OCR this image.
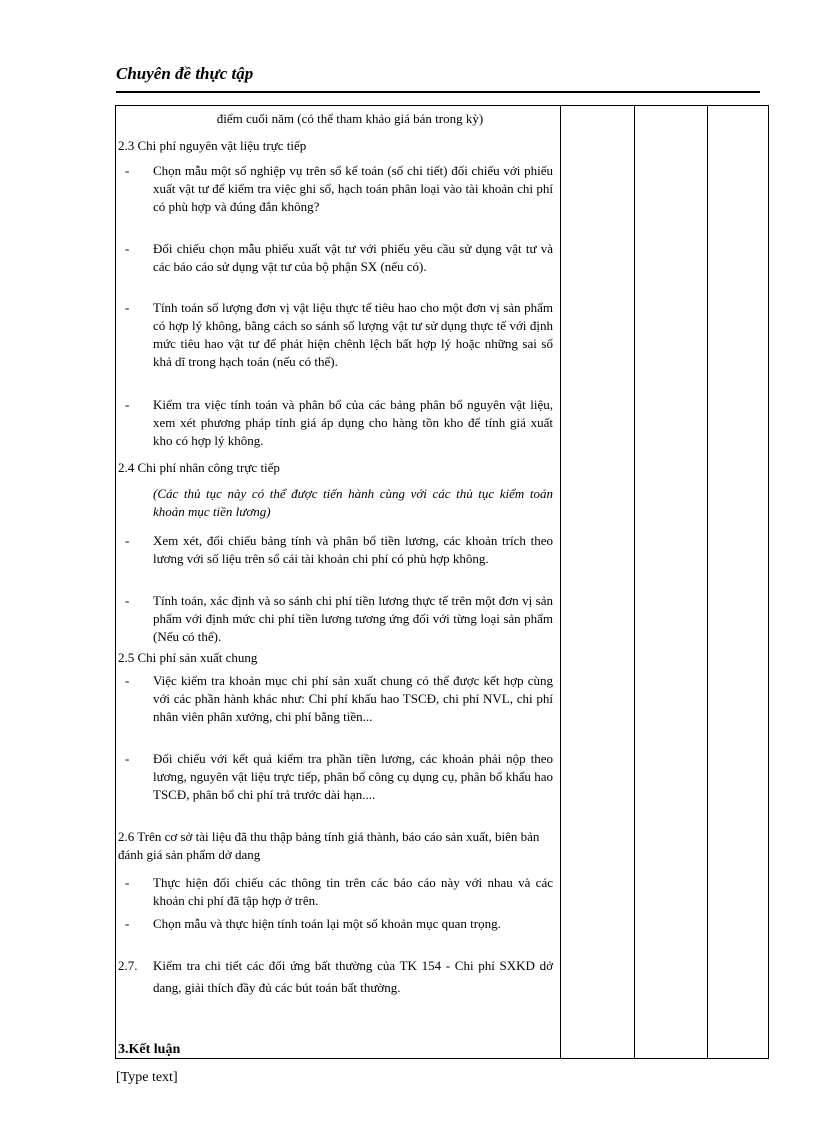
Chuyên đề thực tập
điểm cuối năm (có thể tham khảo giá bán trong kỳ)
2.3 Chi phí nguyên vật liệu trực tiếp
-	Chọn mẫu một số nghiệp vụ trên sổ kế toán (sổ chi tiết) đối chiếu với phiếu xuất vật tư để kiểm tra việc ghi sổ, hạch toán phân loại vào tài khoản chi phí có phù hợp và đúng đắn không?
-	Đối chiếu chọn mẫu phiếu xuất vật tư với phiếu yêu cầu sử dụng vật tư và các báo cáo sử dụng vật tư của bộ phận SX (nếu có).
-	Tính toán số lượng đơn vị vật liệu thực tế tiêu hao cho một đơn vị sản phẩm có hợp lý không, bằng cách so sánh số lượng vật tư sử dụng thực tế với định mức tiêu hao vật tư để phát hiện chênh lệch bất hợp lý hoặc những sai số khả dĩ trong hạch toán (nếu có thể).
-	Kiểm tra việc tính toán và phân bổ của các bảng phân bổ nguyên vật liệu, xem xét phương pháp tính giá áp dụng cho hàng tồn kho để tính giá xuất kho có hợp lý không.
2.4 Chi phí nhân công trực tiếp
(Các thủ tục này có thể được tiến hành cùng với các thủ tục kiểm toán khoản mục tiền lương)
-	Xem xét, đối chiếu bảng tính và phân bổ tiền lương, các khoản trích theo lương với số liệu trên sổ cái tài khoản chi phí có phù hợp không.
-	Tính toán, xác định và so sánh chi phí tiền lương thực tế trên một đơn vị sản phẩm với định mức chi phí tiền lương tương ứng đối với từng loại sản phẩm (Nếu có thể).
2.5 Chi phí sản xuất chung
-	Việc kiểm tra khoản mục chi phí sản xuất chung có thể được kết hợp cùng với các phần hành khác như: Chi phí khấu hao TSCĐ, chi phí NVL, chi phí nhân viên phân xưởng, chi phí bằng tiền...
-	Đối chiếu với kết quả kiểm tra phần tiền lương, các khoản phải nộp theo lương, nguyên vật liệu trực tiếp, phân bổ công cụ dụng cụ, phân bổ khấu hao TSCĐ, phân bổ chi phí trả trước dài hạn....
2.6 Trên cơ sở tài liệu đã thu thập bảng tính giá thành, báo cáo sản xuất, biên bản đánh giá sản phẩm dở dang
-	Thực hiện đối chiếu các thông tin trên các báo cáo này với nhau và các khoản chi phí đã tập hợp ở trên.
-	Chọn mẫu và thực hiện tính toán lại một số khoản mục quan trọng.
2.7.	Kiểm tra chi tiết các đối ứng bất thường của TK 154 - Chi phí SXKD dở dang, giải thích đầy đủ các bút toán bất thường.
3.Kết luận

[Type text]
